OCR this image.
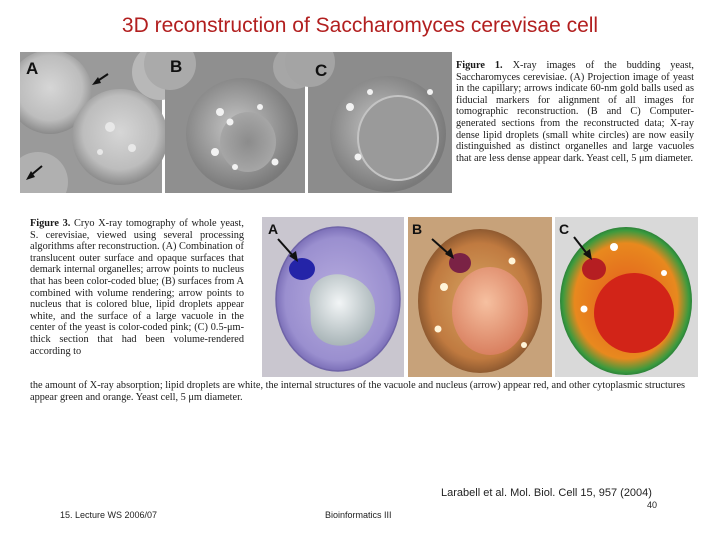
3D reconstruction of Saccharomyces cerevisae cell
A	B	C	Figure 1. X-ray images of the budding yeast, Saccharomyces cerevisiae. (A) Projection image of yeast in the capillary; arrows indicate 60-nm gold balls used as fiducial markers for alignment of all images for tomographic reconstruction. (B and C) Computer-generated sections from the reconstructed data; X-ray dense lipid droplets (small white circles) are now easily distinguished as distinct organelles and large vacuoles that are less dense appear dark. Yeast cell, 5 μm diameter.
A	B	C
Figure 3. Cryo X-ray tomography of whole yeast, S. cerevisiae, viewed using several processing algorithms after reconstruction. (A) Combination of translucent outer surface and opaque surfaces that demark internal organelles; arrow points to nucleus that has been color-coded blue; (B) surfaces from A combined with volume rendering; arrow points to nucleus that is colored blue, lipid droplets appear white, and the surface of a large vacuole in the center of the yeast is color-coded pink; (C) 0.5-μm-thick section that had been volume-rendered according to
the amount of X-ray absorption; lipid droplets are white, the internal structures of the vacuole and nucleus (arrow) appear red, and other cytoplasmic structures appear green and orange. Yeast cell, 5 μm diameter.
Larabell et al. Mol. Biol. Cell 15, 957 (2004)
40
15. Lecture WS 2006/07	Bioinformatics III
